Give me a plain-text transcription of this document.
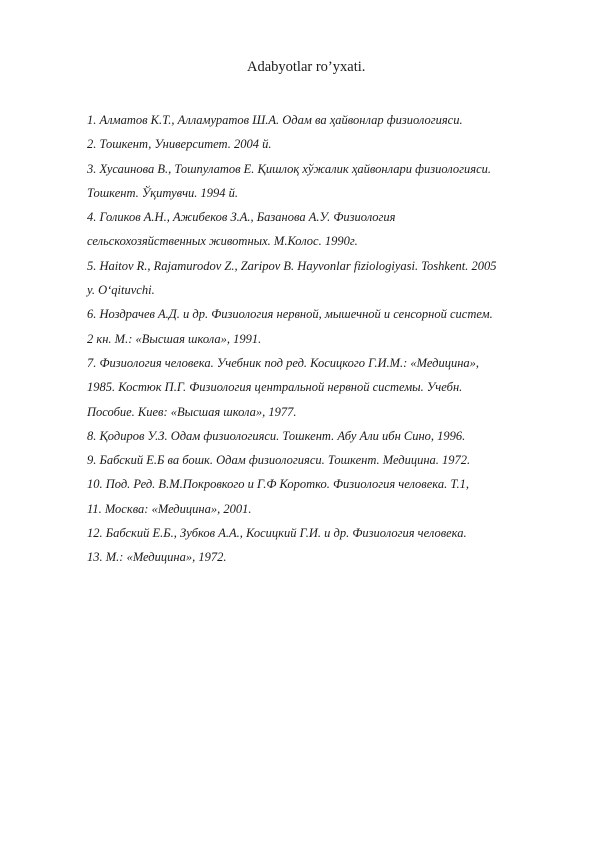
Adabyotlar ro’yxati.
1. Алматов К.Т., Алламуратов Ш.А. Одам ва ҳайвонлар физиологияси.
2. Тошкент, Университет. 2004 й.
3. Хусаинова В., Тошпулатов Е. Қишлоқ хўжалик ҳайвонлари физиологияси.
Тошкент. Ўқитувчи. 1994 й.
4. Голиков А.Н., Ажибеков З.А., Базанова А.У. Физиология
сельскохозяйственных животных. М.Колос. 1990г.
5. Haitov R., Rajamurodov Z., Zaripov B. Hayvonlar fiziologiyasi. Toshkent. 2005
y. O‘qituvchi.
6. Ноздрачев А.Д. и др. Физиология нервной, мышечной и сенсорной систем.
2 кн. М.: «Высшая школа», 1991.
7. Физиология человека. Учебник под ред. Косицкого Г.И.М.: «Медицина»,
1985. Костюк П.Г. Физиология центральной нервной системы. Учебн.
Пособие. Киев: «Высшая школа», 1977.
8. Қодиров У.З. Одам физиологияси. Тошкент. Абу Али ибн Сино, 1996.
9. Бабский Е.Б ва бошк. Одам физиологияси. Тошкент. Медицина. 1972.
10. Под. Ред. В.М.Покровкого и Г.Ф Коротко. Физиология человека. Т.1,
11. Москва: «Медицина», 2001.
12. Бабский Е.Б., Зубков А.А., Косицкий Г.И. и др. Физиология человека.
13. М.: «Медицина», 1972.
